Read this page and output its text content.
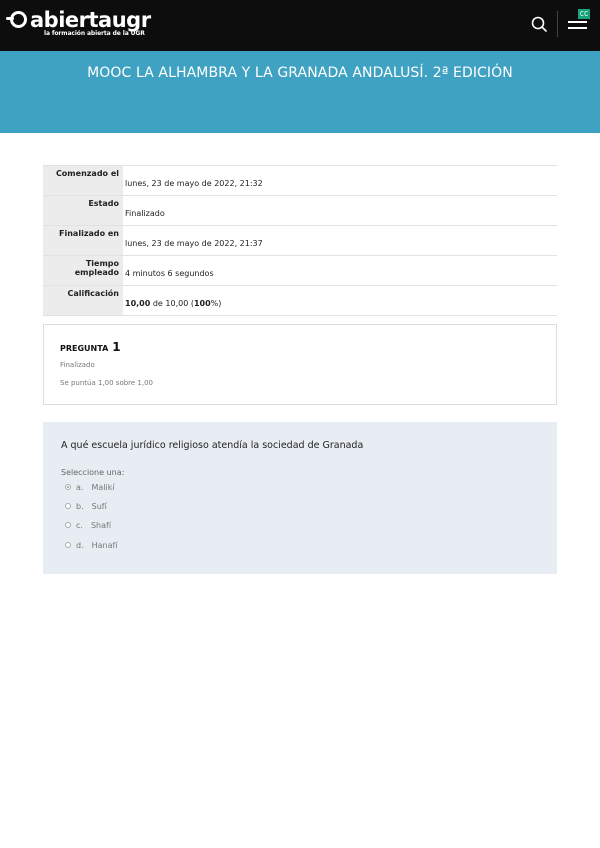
abiertaugr
la formación abierta de la UGR
CC
MOOC LA ALHAMBRA Y LA GRANADA ANDALUSÍ. 2ª EDICIÓN
Comenzado el	lunes, 23 de mayo de 2022, 21:32
Estado	Finalizado
Finalizado en	lunes, 23 de mayo de 2022, 21:37
Tiempo empleado	4 minutos 6 segundos
Calificación	10,00 de 10,00 (100%)
PREGUNTA 1
Finalizado
Se puntúa 1,00 sobre 1,00
A qué escuela jurídico religioso atendía la sociedad de Granada
Seleccione una:
a. Malikí
b. Sufí
c. Shafí
d. Hanafí
